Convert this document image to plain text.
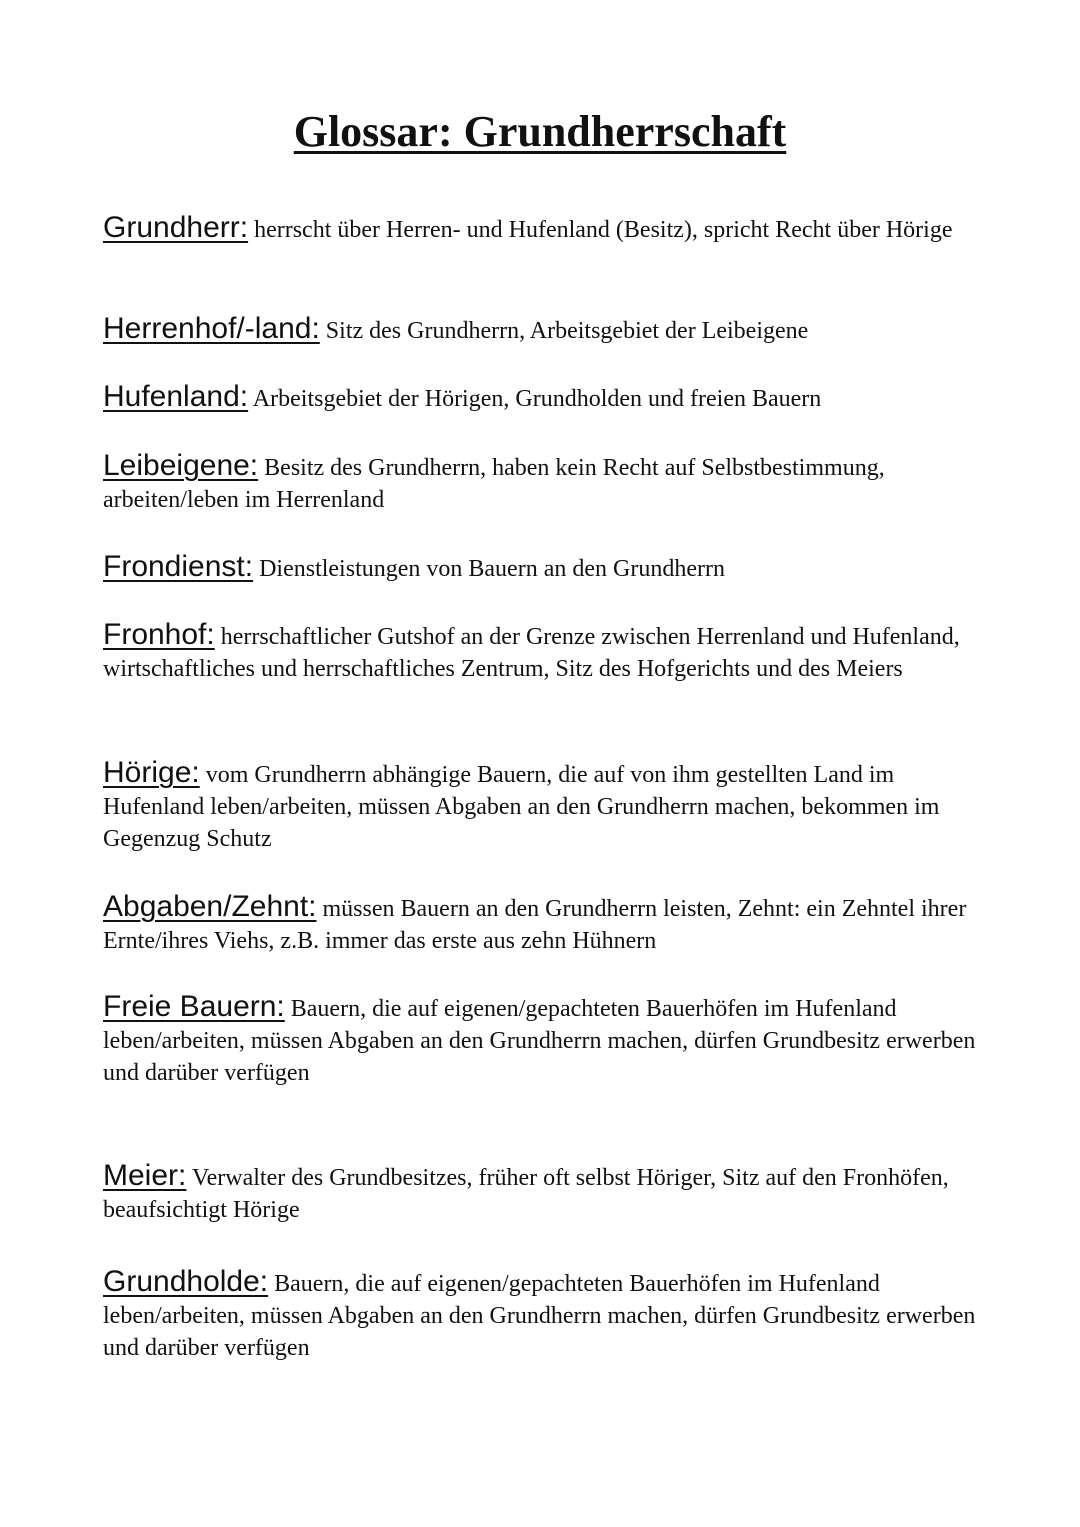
Glossar: Grundherrschaft

Grundherr: herrscht über Herren- und Hufenland (Besitz), spricht Recht über Hörige

Herrenhof/-land: Sitz des Grundherrn, Arbeitsgebiet der Leibeigene

Hufenland: Arbeitsgebiet der Hörigen, Grundholden und freien Bauern

Leibeigene: Besitz des Grundherrn, haben kein Recht auf Selbstbestimmung, arbeiten/leben im Herrenland

Frondienst: Dienstleistungen von Bauern an den Grundherrn

Fronhof: herrschaftlicher Gutshof an der Grenze zwischen Herrenland und Hufenland, wirtschaftliches und herrschaftliches Zentrum, Sitz des Hofgerichts und des Meiers

Hörige: vom Grundherrn abhängige Bauern, die auf von ihm gestellten Land im Hufenland leben/arbeiten, müssen Abgaben an den Grundherrn machen, bekommen im Gegenzug Schutz

Abgaben/Zehnt: müssen Bauern an den Grundherrn leisten, Zehnt: ein Zehntel ihrer Ernte/ihres Viehs, z.B. immer das erste aus zehn Hühnern

Freie Bauern: Bauern, die auf eigenen/gepachteten Bauerhöfen im Hufenland leben/arbeiten, müssen Abgaben an den Grundherrn machen, dürfen Grundbesitz erwerben und darüber verfügen

Meier: Verwalter des Grundbesitzes, früher oft selbst Höriger, Sitz auf den Fronhöfen, beaufsichtigt Hörige

Grundholde: Bauern, die auf eigenen/gepachteten Bauerhöfen im Hufenland leben/arbeiten, müssen Abgaben an den Grundherrn machen, dürfen Grundbesitz erwerben und darüber verfügen
